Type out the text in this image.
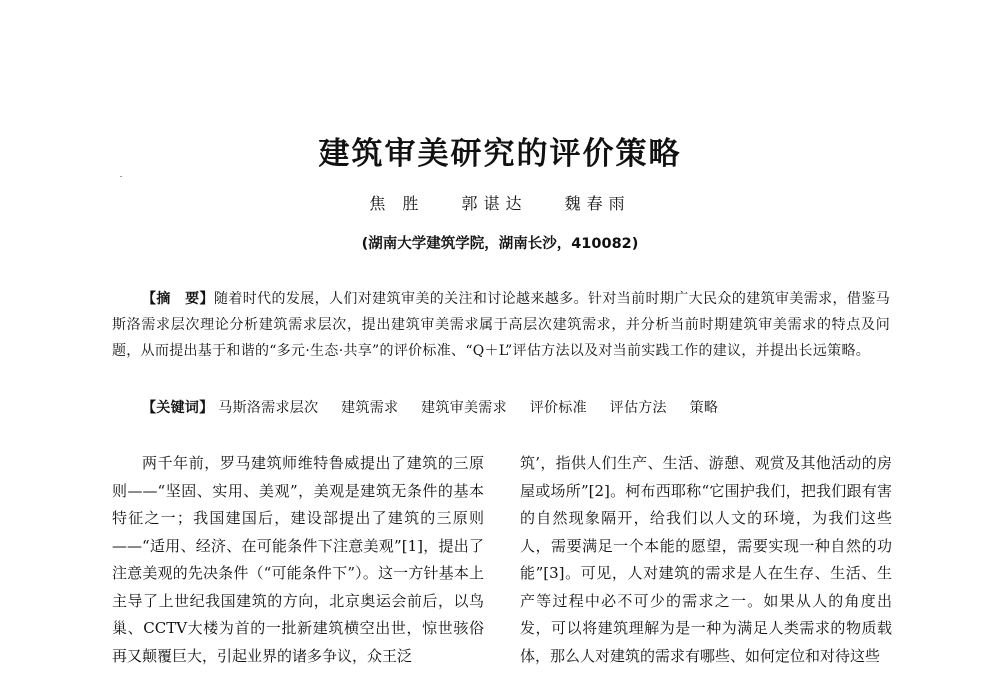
建筑审美研究的评价策略

焦 胜 郭谌达 魏春雨

(湖南大学建筑学院，湖南长沙，410082)

【摘　要】随着时代的发展，人们对建筑审美的关注和讨论越来越多。针对当前时期广大民众的建筑审美需求，借鉴马斯洛需求层次理论分析建筑需求层次，提出建筑审美需求属于高层次建筑需求，并分析当前时期建筑审美需求的特点及问题，从而提出基于和谐的“多元·生态·共享”的评价标准、“Q＋L”评估方法以及对当前实践工作的建议，并提出长远策略。

【关键词】 马斯洛需求层次 建筑需求 建筑审美需求 评价标准 评估方法 策略

两千年前，罗马建筑师维特鲁威提出了建筑的三原则——“坚固、实用、美观”，美观是建筑无条件的基本特征之一；我国建国后，建设部提出了建筑的三原则——“适用、经济、在可能条件下注意美观”[1]，提出了注意美观的先决条件（“可能条件下”）。这一方针基本上主导了上世纪我国建筑的方向，北京奥运会前后，以鸟巢、CCTV大楼为首的一批新建筑横空出世，惊世骇俗再又颠覆巨大，引起业界的诸多争议，众王泛

筑’，指供人们生产、生活、游憩、观赏及其他活动的房屋或场所”[2]。柯布西耶称“它围护我们，把我们跟有害的自然现象隔开，给我们以人文的环境，为我们这些人，需要满足一个本能的愿望，需要实现一种自然的功能”[3]。可见，人对建筑的需求是人在生存、生活、生产等过程中必不可少的需求之一。如果从人的角度出发，可以将建筑理解为是一种为满足人类需求的物质载体，那么人对建筑的需求有哪些、如何定位和对待这些
